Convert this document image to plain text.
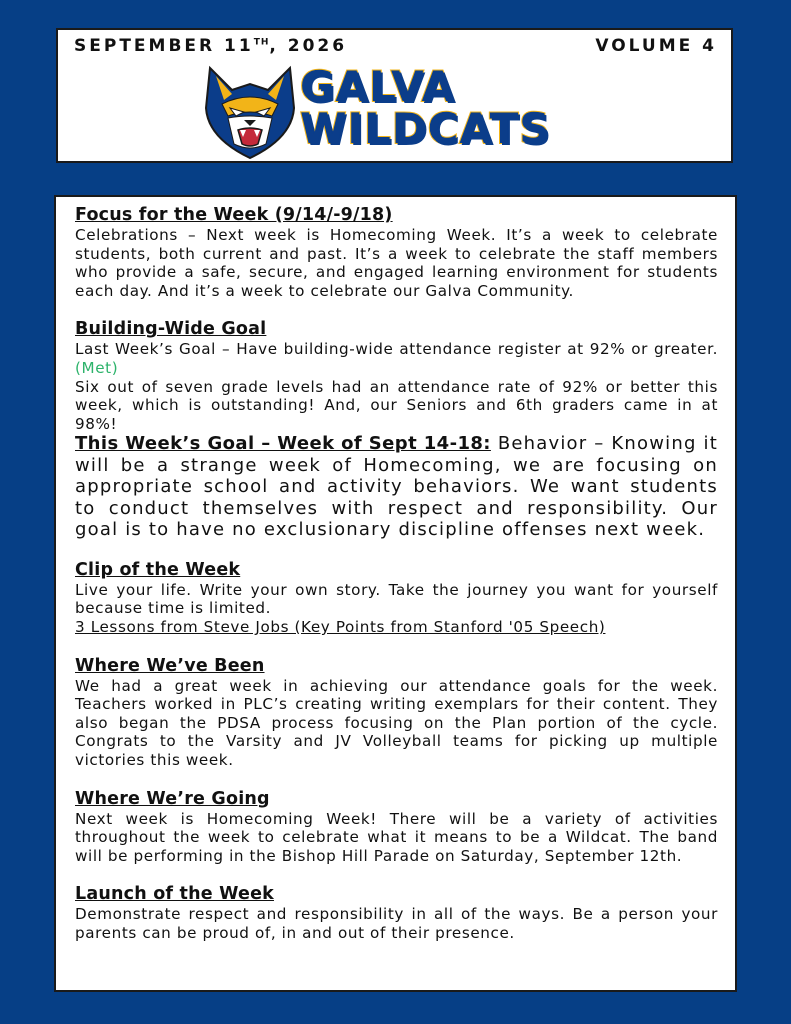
SEPTEMBER 11TH, 2026	VOLUME 4
GALVA
WILDCATS
Focus for the Week (9/14/-9/18)

Celebrations – Next week is Homecoming Week. It’s a week to celebrate students, both current and past. It’s a week to celebrate the staff members who provide a safe, secure, and engaged learning environment for students each day. And it’s a week to celebrate our Galva Community.

Building-Wide Goal

Last Week’s Goal – Have building-wide attendance register at 92% or greater. (Met)

Six out of seven grade levels had an attendance rate of 92% or better this week, which is outstanding! And, our Seniors and 6th graders came in at 98%!

This Week’s Goal – Week of Sept 14-18: Behavior – Knowing it will be a strange week of Homecoming, we are focusing on appropriate school and activity behaviors. We want students to conduct themselves with respect and responsibility. Our goal is to have no exclusionary discipline offenses next week.

Clip of the Week

Live your life. Write your own story. Take the journey you want for yourself because time is limited.

3 Lessons from Steve Jobs (Key Points from Stanford '05 Speech)

Where We’ve Been

We had a great week in achieving our attendance goals for the week. Teachers worked in PLC’s creating writing exemplars for their content. They also began the PDSA process focusing on the Plan portion of the cycle. Congrats to the Varsity and JV Volleyball teams for picking up multiple victories this week.

Where We’re Going

Next week is Homecoming Week! There will be a variety of activities throughout the week to celebrate what it means to be a Wildcat. The band will be performing in the Bishop Hill Parade on Saturday, September 12th.

Launch of the Week

Demonstrate respect and responsibility in all of the ways. Be a person your parents can be proud of, in and out of their presence.
